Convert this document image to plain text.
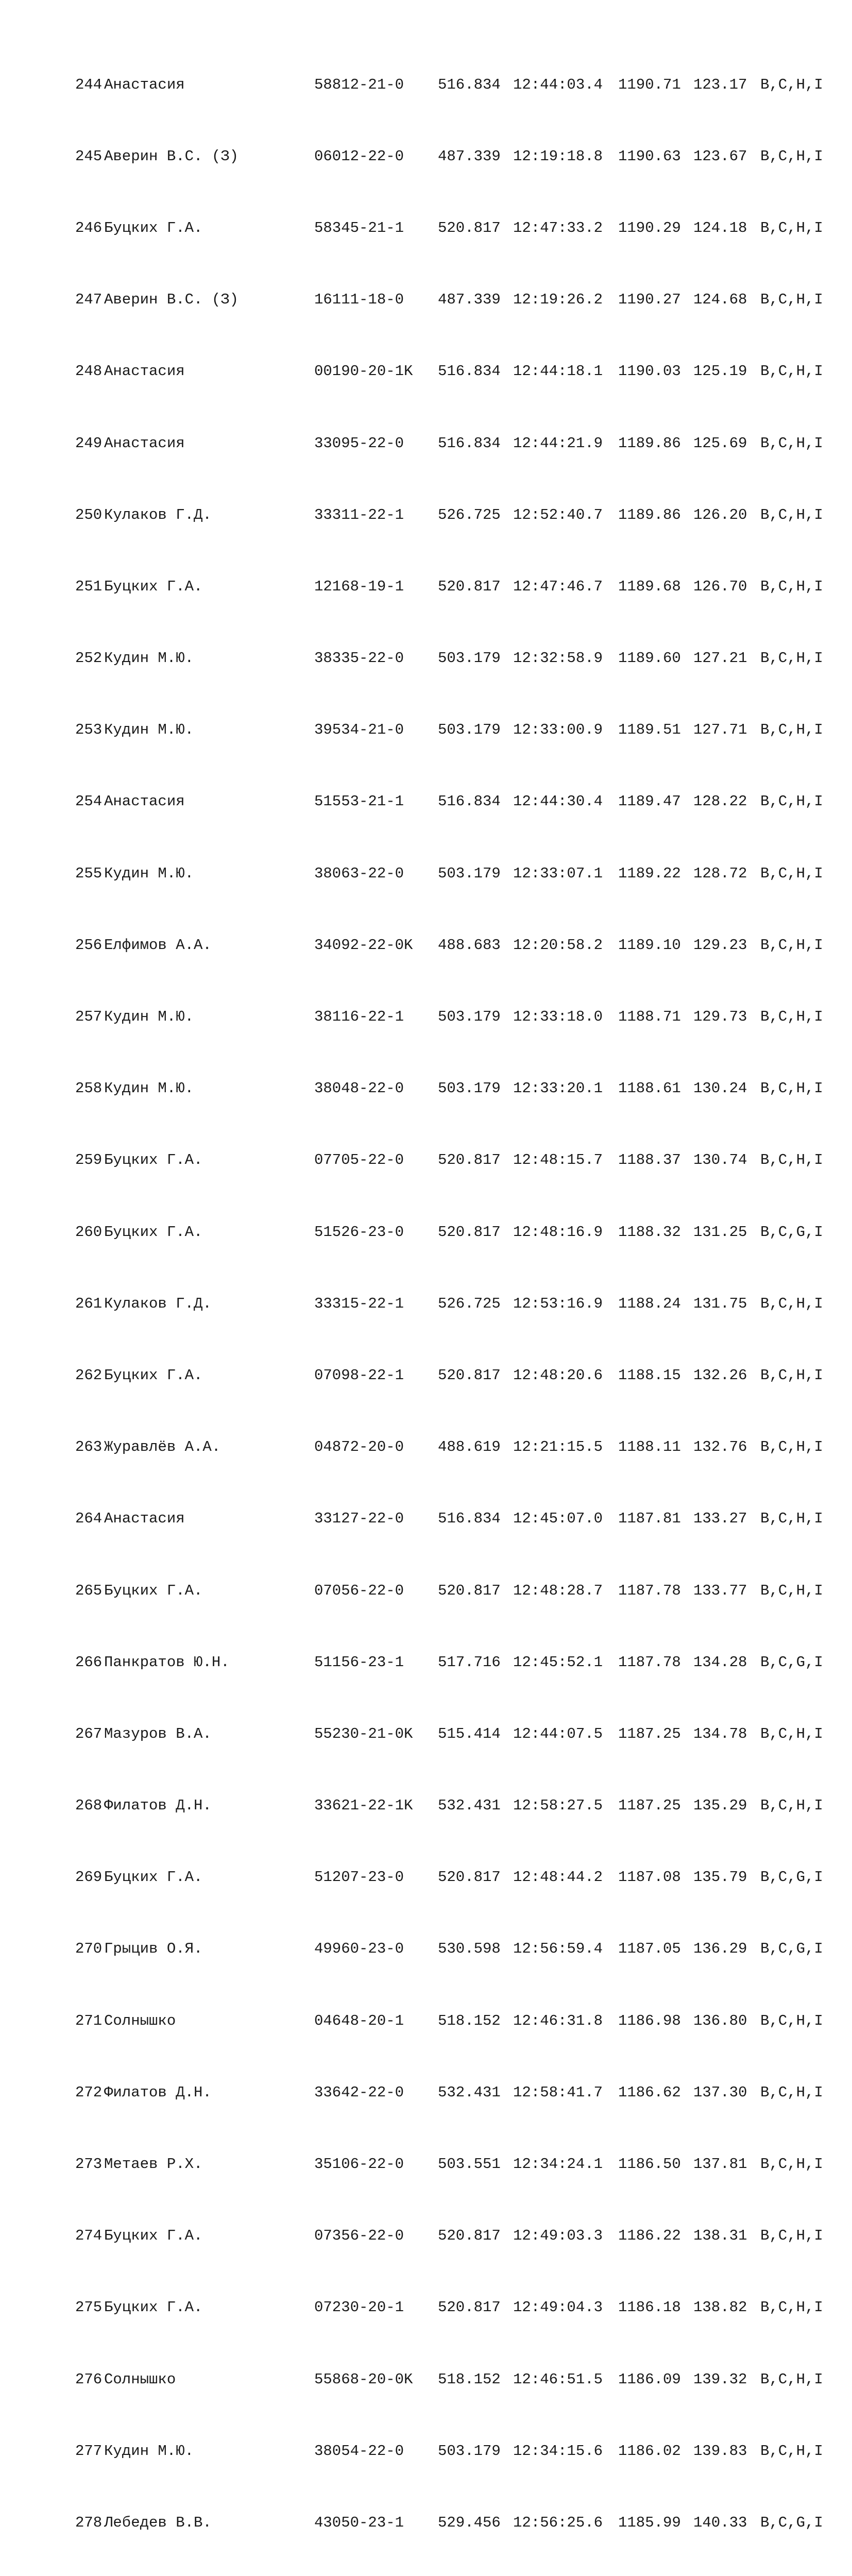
244 Анастасия	58812-21-0	516.834 12:44:03.4	1190.71 123.17 B,C,H,I

245 Аверин В.С. (З)	06012-22-0	487.339 12:19:18.8	1190.63 123.67 B,C,H,I

246 Буцких Г.А.	58345-21-1	520.817 12:47:33.2	1190.29 124.18 B,C,H,I

247 Аверин В.С. (З)	16111-18-0	487.339 12:19:26.2	1190.27 124.68 B,C,H,I

248 Анастасия	00190-20-1K	516.834 12:44:18.1	1190.03 125.19 B,C,H,I

249 Анастасия	33095-22-0	516.834 12:44:21.9	1189.86 125.69 B,C,H,I

250 Кулаков Г.Д.	33311-22-1	526.725 12:52:40.7	1189.86 126.20 B,C,H,I

251 Буцких Г.А.	12168-19-1	520.817 12:47:46.7	1189.68 126.70 B,C,H,I

252 Кудин М.Ю.	38335-22-0	503.179 12:32:58.9	1189.60 127.21 B,C,H,I

253 Кудин М.Ю.	39534-21-0	503.179 12:33:00.9	1189.51 127.71 B,C,H,I

254 Анастасия	51553-21-1	516.834 12:44:30.4	1189.47 128.22 B,C,H,I

255 Кудин М.Ю.	38063-22-0	503.179 12:33:07.1	1189.22 128.72 B,C,H,I

256 Елфимов А.А.	34092-22-0K	488.683 12:20:58.2	1189.10 129.23 B,C,H,I

257 Кудин М.Ю.	38116-22-1	503.179 12:33:18.0	1188.71 129.73 B,C,H,I

258 Кудин М.Ю.	38048-22-0	503.179 12:33:20.1	1188.61 130.24 B,C,H,I

259 Буцких Г.А.	07705-22-0	520.817 12:48:15.7	1188.37 130.74 B,C,H,I

260 Буцких Г.А.	51526-23-0	520.817 12:48:16.9	1188.32 131.25 B,C,G,I

261 Кулаков Г.Д.	33315-22-1	526.725 12:53:16.9	1188.24 131.75 B,C,H,I

262 Буцких Г.А.	07098-22-1	520.817 12:48:20.6	1188.15 132.26 B,C,H,I

263 Журавлёв А.А.	04872-20-0	488.619 12:21:15.5	1188.11 132.76 B,C,H,I

264 Анастасия	33127-22-0	516.834 12:45:07.0	1187.81 133.27 B,C,H,I

265 Буцких Г.А.	07056-22-0	520.817 12:48:28.7	1187.78 133.77 B,C,H,I

266 Панкратов Ю.Н.	51156-23-1	517.716 12:45:52.1	1187.78 134.28 B,C,G,I

267 Мазуров В.А.	55230-21-0K	515.414 12:44:07.5	1187.25 134.78 B,C,H,I

268 Филатов Д.Н.	33621-22-1K	532.431 12:58:27.5	1187.25 135.29 B,C,H,I

269 Буцких Г.А.	51207-23-0	520.817 12:48:44.2	1187.08 135.79 B,C,G,I

270 Грыцив О.Я.	49960-23-0	530.598 12:56:59.4	1187.05 136.29 B,C,G,I

271 Солнышко	04648-20-1	518.152 12:46:31.8	1186.98 136.80 B,C,H,I

272 Филатов Д.Н.	33642-22-0	532.431 12:58:41.7	1186.62 137.30 B,C,H,I

273 Метаев Р.Х.	35106-22-0	503.551 12:34:24.1	1186.50 137.81 B,C,H,I

274 Буцких Г.А.	07356-22-0	520.817 12:49:03.3	1186.22 138.31 B,C,H,I

275 Буцких Г.А.	07230-20-1	520.817 12:49:04.3	1186.18 138.82 B,C,H,I

276 Солнышко	55868-20-0K	518.152 12:46:51.5	1186.09 139.32 B,C,H,I

277 Кудин М.Ю.	38054-22-0	503.179 12:34:15.6	1186.02 139.83 B,C,H,I

278 Лебедев В.В.	43050-23-1	529.456 12:56:25.6	1185.99 140.33 B,C,G,I
